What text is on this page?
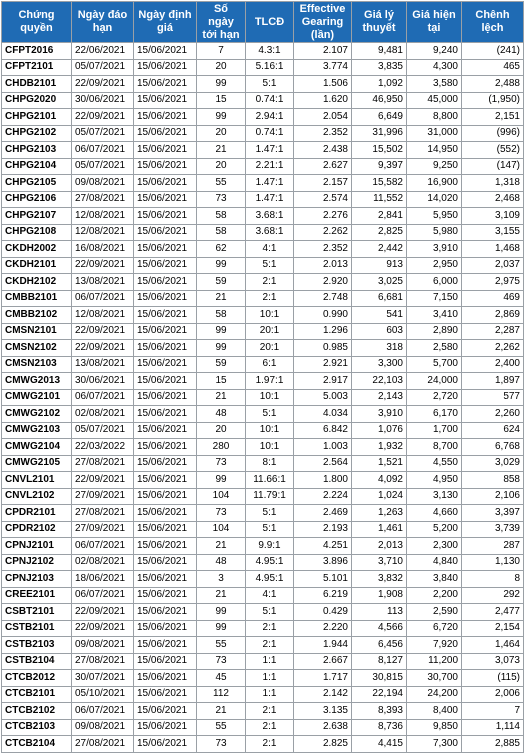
Chứng quyền	Ngày đáo hạn	Ngày định giá	Số ngày tới hạn	TLCĐ	Effective Gearing (lần)	Giá lý thuyết	Giá hiện tại	Chênh lệch
CFPT2016	22/06/2021	15/06/2021	7	4.3:1	2.107	9,481	9,240	(241)
CFPT2101	05/07/2021	15/06/2021	20	5.16:1	3.774	3,835	4,300	465
CHDB2101	22/09/2021	15/06/2021	99	5:1	1.506	1,092	3,580	2,488
CHPG2020	30/06/2021	15/06/2021	15	0.74:1	1.620	46,950	45,000	(1,950)
CHPG2101	22/09/2021	15/06/2021	99	2.94:1	2.054	6,649	8,800	2,151
CHPG2102	05/07/2021	15/06/2021	20	0.74:1	2.352	31,996	31,000	(996)
CHPG2103	06/07/2021	15/06/2021	21	1.47:1	2.438	15,502	14,950	(552)
CHPG2104	05/07/2021	15/06/2021	20	2.21:1	2.627	9,397	9,250	(147)
CHPG2105	09/08/2021	15/06/2021	55	1.47:1	2.157	15,582	16,900	1,318
CHPG2106	27/08/2021	15/06/2021	73	1.47:1	2.574	11,552	14,020	2,468
CHPG2107	12/08/2021	15/06/2021	58	3.68:1	2.276	2,841	5,950	3,109
CHPG2108	12/08/2021	15/06/2021	58	3.68:1	2.262	2,825	5,980	3,155
CKDH2002	16/08/2021	15/06/2021	62	4:1	2.352	2,442	3,910	1,468
CKDH2101	22/09/2021	15/06/2021	99	5:1	2.013	913	2,950	2,037
CKDH2102	13/08/2021	15/06/2021	59	2:1	2.920	3,025	6,000	2,975
CMBB2101	06/07/2021	15/06/2021	21	2:1	2.748	6,681	7,150	469
CMBB2102	12/08/2021	15/06/2021	58	10:1	0.990	541	3,410	2,869
CMSN2101	22/09/2021	15/06/2021	99	20:1	1.296	603	2,890	2,287
CMSN2102	22/09/2021	15/06/2021	99	20:1	0.985	318	2,580	2,262
CMSN2103	13/08/2021	15/06/2021	59	6:1	2.921	3,300	5,700	2,400
CMWG2013	30/06/2021	15/06/2021	15	1.97:1	2.917	22,103	24,000	1,897
CMWG2101	06/07/2021	15/06/2021	21	10:1	5.003	2,143	2,720	577
CMWG2102	02/08/2021	15/06/2021	48	5:1	4.034	3,910	6,170	2,260
CMWG2103	05/07/2021	15/06/2021	20	10:1	6.842	1,076	1,700	624
CMWG2104	22/03/2022	15/06/2021	280	10:1	1.003	1,932	8,700	6,768
CMWG2105	27/08/2021	15/06/2021	73	8:1	2.564	1,521	4,550	3,029
CNVL2101	22/09/2021	15/06/2021	99	11.66:1	1.800	4,092	4,950	858
CNVL2102	27/09/2021	15/06/2021	104	11.79:1	2.224	1,024	3,130	2,106
CPDR2101	27/08/2021	15/06/2021	73	5:1	2.469	1,263	4,660	3,397
CPDR2102	27/09/2021	15/06/2021	104	5:1	2.193	1,461	5,200	3,739
CPNJ2101	06/07/2021	15/06/2021	21	9.9:1	4.251	2,013	2,300	287
CPNJ2102	02/08/2021	15/06/2021	48	4.95:1	3.896	3,710	4,840	1,130
CPNJ2103	18/06/2021	15/06/2021	3	4.95:1	5.101	3,832	3,840	8
CREE2101	06/07/2021	15/06/2021	21	4:1	6.219	1,908	2,200	292
CSBT2101	22/09/2021	15/06/2021	99	5:1	0.429	113	2,590	2,477
CSTB2101	22/09/2021	15/06/2021	99	2:1	2.220	4,566	6,720	2,154
CSTB2103	09/08/2021	15/06/2021	55	2:1	1.944	6,456	7,920	1,464
CSTB2104	27/08/2021	15/06/2021	73	1:1	2.667	8,127	11,200	3,073
CTCB2012	30/07/2021	15/06/2021	45	1:1	1.717	30,815	30,700	(115)
CTCB2101	05/10/2021	15/06/2021	112	1:1	2.142	22,194	24,200	2,006
CTCB2102	06/07/2021	15/06/2021	21	2:1	3.135	8,393	8,400	7
CTCB2103	09/08/2021	15/06/2021	55	2:1	2.638	8,736	9,850	1,114
CTCB2104	27/08/2021	15/06/2021	73	2:1	2.825	4,415	7,300	2,885
